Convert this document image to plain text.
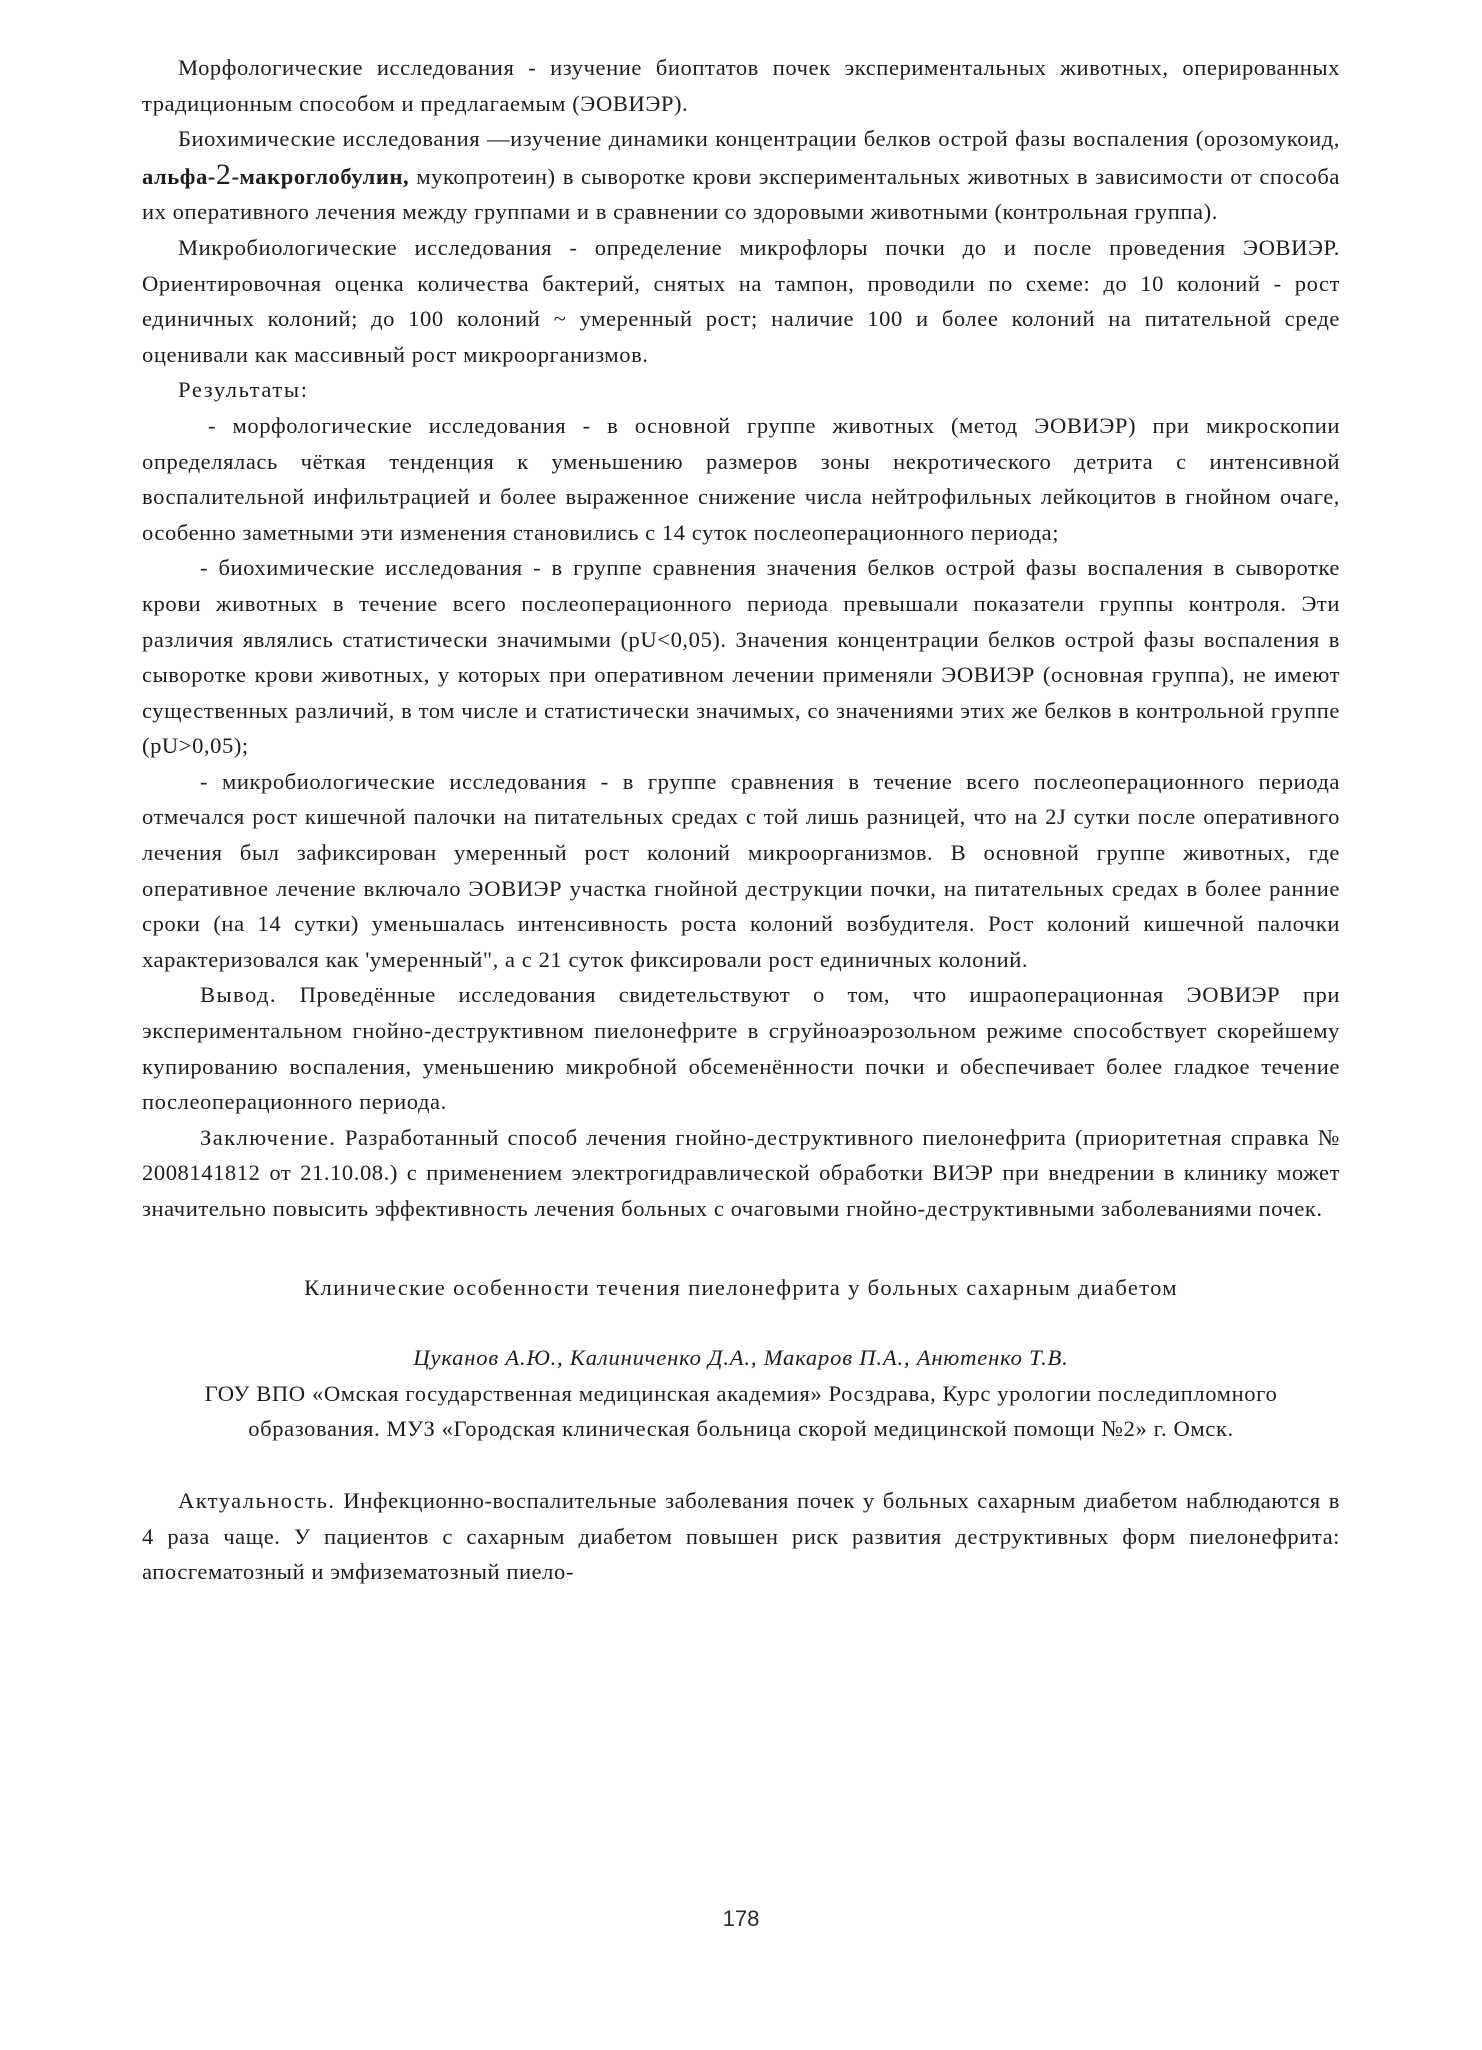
Морфологические исследования - изучение биоптатов почек экспериментальных животных, оперированных традиционным способом и предлагаемым (ЭОВИЭР).

Биохимические исследования —изучение динамики концентрации белков острой фазы воспаления (орозомукоид, альфа-2-макроглобулин, мукопротеин) в сыворотке крови экспериментальных животных в зависимости от способа их оперативного лечения между группами и в сравнении со здоровыми животными (контрольная группа).

Микробиологические исследования - определение микрофлоры почки до и после проведения ЭОВИЭР. Ориентировочная оценка количества бактерий, снятых на тампон, проводили по схеме: до 10 колоний - рост единичных колоний; до 100 колоний ~ умеренный рост; наличие 100 и более колоний на питательной среде оценивали как массивный рост микроорганизмов.

Результаты:

- морфологические исследования - в основной группе животных (метод ЭОВИЭР) при микроскопии определялась чёткая тенденция к уменьшению размеров зоны некротического детрита с интенсивной воспалительной инфильтрацией и более выраженное снижение числа нейтрофильных лейкоцитов в гнойном очаге, особенно заметными эти изменения становились с 14 суток послеоперационного периода;

- биохимические исследования - в группе сравнения значения белков острой фазы воспаления в сыворотке крови животных в течение всего послеоперационного периода превышали показатели группы контроля. Эти различия являлись статистически значимыми (pU<0,05). Значения концентрации белков острой фазы воспаления в сыворотке крови животных, у которых при оперативном лечении применяли ЭОВИЭР (основная группа), не имеют существенных различий, в том числе и статистически значимых, со значениями этих же белков в контрольной группе (pU>0,05);

- микробиологические исследования - в группе сравнения в течение всего послеоперационного периода отмечался рост кишечной палочки на питательных средах с той лишь разницей, что на 2J сутки после оперативного лечения был зафиксирован умеренный рост колоний микроорганизмов. В основной группе животных, где оперативное лечение включало ЭОВИЭР участка гнойной деструкции почки, на питательных средах в более ранние сроки (на 14 сутки) уменьшалась интенсивность роста колоний возбудителя. Рост колоний кишечной палочки характеризовался как 'умеренный", а с 21 суток фиксировали рост единичных колоний.

Вывод. Проведённые исследования свидетельствуют о том, что ишраоперационная ЭОВИЭР при экспериментальном гнойно-деструктивном пиелонефрите в сгруйноаэрозольном режиме способствует скорейшему купированию воспаления, уменьшению микробной обсеменённости почки и обеспечивает более гладкое течение послеоперационного периода.

Заключение. Разработанный способ лечения гнойно-деструктивного пиелонефрита (приоритетная справка № 2008141812 от 21.10.08.) с применением электрогидравлической обработки ВИЭР при внедрении в клинику может значительно повысить эффективность лечения больных с очаговыми гнойно-деструктивными заболеваниями почек.

Клинические особенности течения пиелонефрита у больных сахарным диабетом
Цуканов А.Ю., Калиниченко Д.А., Макаров П.А., Анютенко Т.В.
ГОУ ВПО «Омская государственная медицинская академия» Росздрава, Курс урологии последипломного образования. МУЗ «Городская клиническая больница скорой медицинской помощи №2» г. Омск.

Актуальность. Инфекционно-воспалительные заболевания почек у больных сахарным диабетом наблюдаются в 4 раза чаще. У пациентов с сахарным диабетом повышен риск развития деструктивных форм пиелонефрита: апосгематозный и эмфизематозный пиело-

178
